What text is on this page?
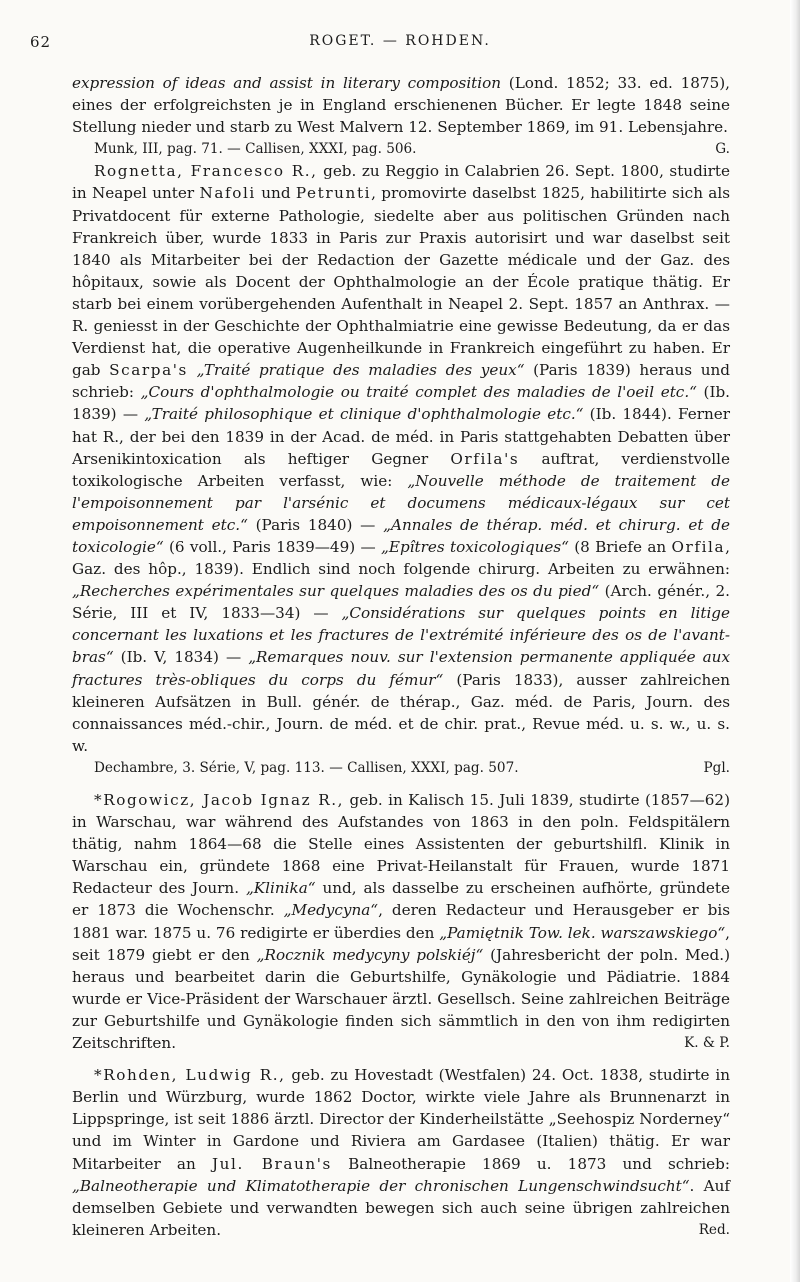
62	ROGET. — ROHDEN.

expression of ideas and assist in literary composition (Lond. 1852; 33. ed. 1875), eines der erfolgreichsten je in England erschienenen Bücher. Er legte 1848 seine Stellung nieder und starb zu West Malvern 12. September 1869, im 91. Lebensjahre.

Munk, III, pag. 71. — Callisen, XXXI, pag. 506.	G.

Rognetta, Francesco R., geb. zu Reggio in Calabrien 26. Sept. 1800, studirte in Neapel unter Nafoli und Petrunti, promovirte daselbst 1825, habilitirte sich als Privatdocent für externe Pathologie, siedelte aber aus politischen Gründen nach Frankreich über, wurde 1833 in Paris zur Praxis autorisirt und war daselbst seit 1840 als Mitarbeiter bei der Redaction der Gazette médicale und der Gaz. des hôpitaux, sowie als Docent der Ophthalmologie an der École pratique thätig. Er starb bei einem vorübergehenden Aufenthalt in Neapel 2. Sept. 1857 an Anthrax. — R. geniesst in der Geschichte der Ophthalmiatrie eine gewisse Bedeutung, da er das Verdienst hat, die operative Augenheilkunde in Frankreich eingeführt zu haben. Er gab Scarpa's „Traité pratique des maladies des yeux“ (Paris 1839) heraus und schrieb: „Cours d'ophthalmologie ou traité complet des maladies de l'oeil etc.“ (Ib. 1839) — „Traité philosophique et clinique d'ophthalmologie etc.“ (Ib. 1844). Ferner hat R., der bei den 1839 in der Acad. de méd. in Paris stattgehabten Debatten über Arsenikintoxication als heftiger Gegner Orfila's auftrat, verdienstvolle toxikologische Arbeiten verfasst, wie: „Nouvelle méthode de traitement de l'empoisonnement par l'arsénic et documens médicaux-légaux sur cet empoisonnement etc.“ (Paris 1840) — „Annales de thérap. méd. et chirurg. et de toxicologie“ (6 voll., Paris 1839—49) — „Epîtres toxicologiques“ (8 Briefe an Orfila, Gaz. des hôp., 1839). Endlich sind noch folgende chirurg. Arbeiten zu erwähnen: „Recherches expérimentales sur quelques maladies des os du pied“ (Arch. génér., 2. Série, III et IV, 1833—34) — „Considérations sur quelques points en litige concernant les luxations et les fractures de l'extrémité inférieure des os de l'avant-bras“ (Ib. V, 1834) — „Remarques nouv. sur l'extension permanente appliquée aux fractures très-obliques du corps du fémur“ (Paris 1833), ausser zahlreichen kleineren Aufsätzen in Bull. génér. de thérap., Gaz. méd. de Paris, Journ. des connaissances méd.-chir., Journ. de méd. et de chir. prat., Revue méd. u. s. w., u. s. w.

Dechambre, 3. Série, V, pag. 113. — Callisen, XXXI, pag. 507.	Pgl.

*Rogowicz, Jacob Ignaz R., geb. in Kalisch 15. Juli 1839, studirte (1857—62) in Warschau, war während des Aufstandes von 1863 in den poln. Feldspitälern thätig, nahm 1864—68 die Stelle eines Assistenten der geburtshilfl. Klinik in Warschau ein, gründete 1868 eine Privat-Heilanstalt für Frauen, wurde 1871 Redacteur des Journ. „Klinika“ und, als dasselbe zu erscheinen aufhörte, gründete er 1873 die Wochenschr. „Medycyna“, deren Redacteur und Herausgeber er bis 1881 war. 1875 u. 76 redigirte er überdies den „Pamiętnik Tow. lek. warszawskiego“, seit 1879 giebt er den „Rocznik medycyny polskiéj“ (Jahresbericht der poln. Med.) heraus und bearbeitet darin die Geburtshilfe, Gynäkologie und Pädiatrie. 1884 wurde er Vice-Präsident der Warschauer ärztl. Gesellsch. Seine zahlreichen Beiträge zur Geburtshilfe und Gynäkologie finden sich sämmtlich in den von ihm redigirten Zeitschriften.	K. & P.

*Rohden, Ludwig R., geb. zu Hovestadt (Westfalen) 24. Oct. 1838, studirte in Berlin und Würzburg, wurde 1862 Doctor, wirkte viele Jahre als Brunnenarzt in Lippspringe, ist seit 1886 ärztl. Director der Kinderheilstätte „Seehospiz Norderney“ und im Winter in Gardone und Riviera am Gardasee (Italien) thätig. Er war Mitarbeiter an Jul. Braun's Balneotherapie 1869 u. 1873 und schrieb: „Balneotherapie und Klimatotherapie der chronischen Lungenschwindsucht“. Auf demselben Gebiete und verwandten bewegen sich auch seine übrigen zahlreichen kleineren Arbeiten.	Red.
